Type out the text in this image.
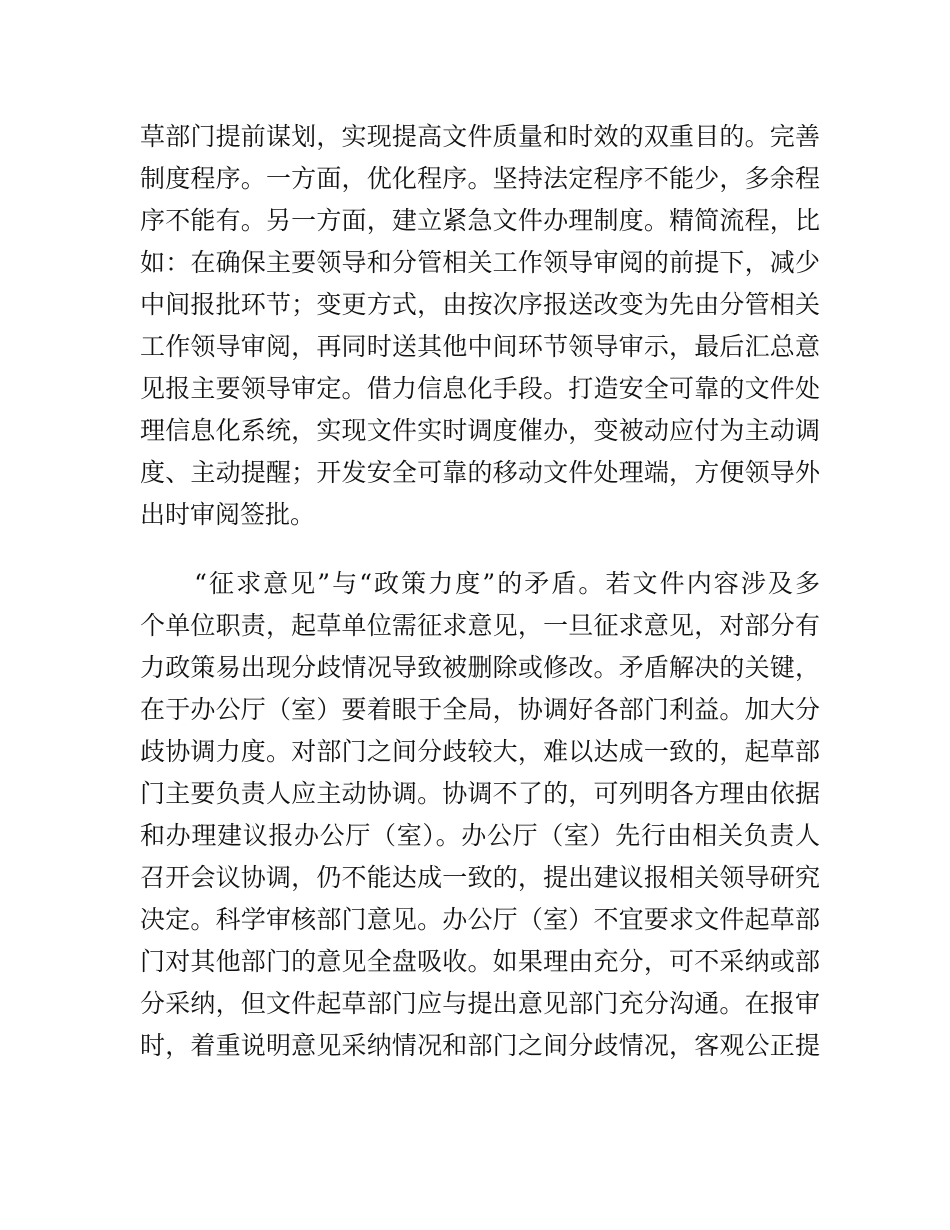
草部门提前谋划，实现提高文件质量和时效的双重目的。完善
制度程序。一方面，优化程序。坚持法定程序不能少，多余程
序不能有。另一方面，建立紧急文件办理制度。精简流程，比
如：在确保主要领导和分管相关工作领导审阅的前提下，减少
中间报批环节；变更方式，由按次序报送改变为先由分管相关
工作领导审阅，再同时送其他中间环节领导审示，最后汇总意
见报主要领导审定。借力信息化手段。打造安全可靠的文件处
理信息化系统，实现文件实时调度催办，变被动应付为主动调
度、主动提醒；开发安全可靠的移动文件处理端，方便领导外
出时审阅签批。
　　“征求意见”与“政策力度”的矛盾。若文件内容涉及多
个单位职责，起草单位需征求意见，一旦征求意见，对部分有
力政策易出现分歧情况导致被删除或修改。矛盾解决的关键，
在于办公厅（室）要着眼于全局，协调好各部门利益。加大分
歧协调力度。对部门之间分歧较大，难以达成一致的，起草部
门主要负责人应主动协调。协调不了的，可列明各方理由依据
和办理建议报办公厅（室）。办公厅（室）先行由相关负责人
召开会议协调，仍不能达成一致的，提出建议报相关领导研究
决定。科学审核部门意见。办公厅（室）不宜要求文件起草部
门对其他部门的意见全盘吸收。如果理由充分，可不采纳或部
分采纳，但文件起草部门应与提出意见部门充分沟通。在报审
时，着重说明意见采纳情况和部门之间分歧情况，客观公正提
